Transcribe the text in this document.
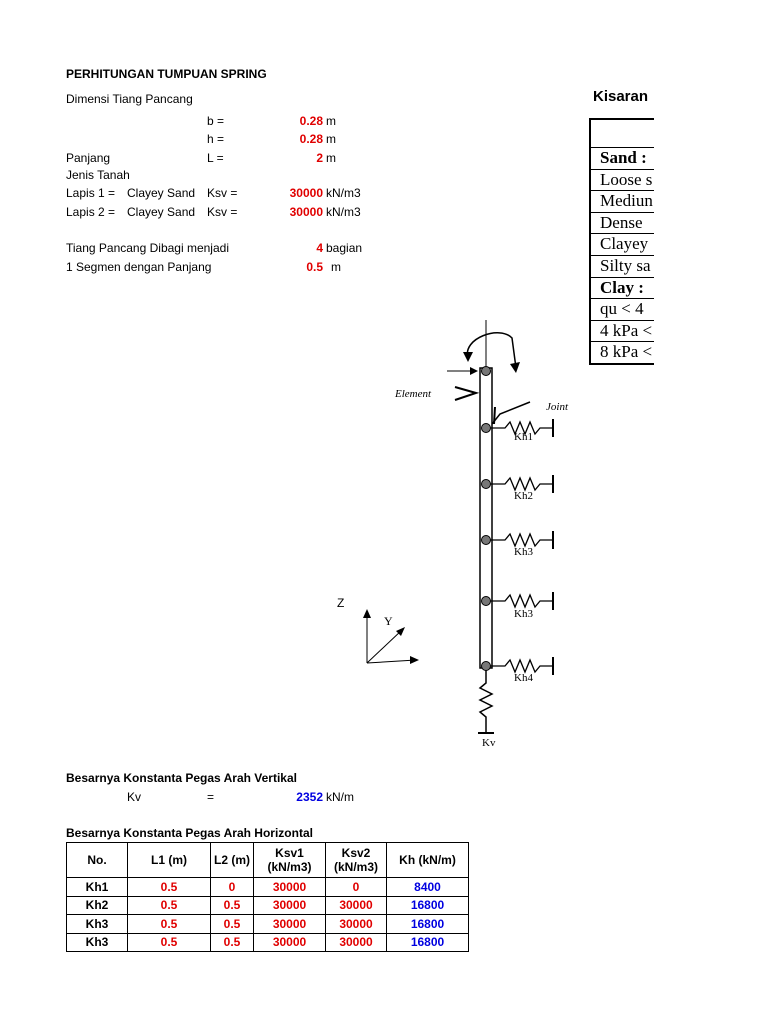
PERHITUNGAN TUMPUAN SPRING
Dimensi Tiang Pancang
b =	0.28 m
h =	0.28 m
Panjang	L =	2 m
Jenis Tanah
Lapis 1 = Clayey Sand Ksv =	30000 kN/m3
Lapis 2 = Clayey Sand Ksv =	30000 kN/m3
Tiang Pancang Dibagi menjadi	4 bagian
1 Segmen dengan Panjang	0.5 m
Kisaran
Sand :
Loose s
Mediun
Dense
Clayey
Silty sa
Clay :
qu < 4
4 kPa <
8 kPa <
Element
Joint
Kh1
Kh2
Kh3
Kh3
Kh4
Kv
Z
Y
Besarnya Konstanta Pegas Arah Vertikal
Kv	=	2352 kN/m
Besarnya Konstanta Pegas Arah Horizontal
No.	L1 (m)	L2 (m)	Ksv1 (kN/m3)	Ksv2 (kN/m3)	Kh (kN/m)
Kh1	0.5	0	30000	0	8400
Kh2	0.5	0.5	30000	30000	16800
Kh3	0.5	0.5	30000	30000	16800
Kh3	0.5	0.5	30000	30000	16800
